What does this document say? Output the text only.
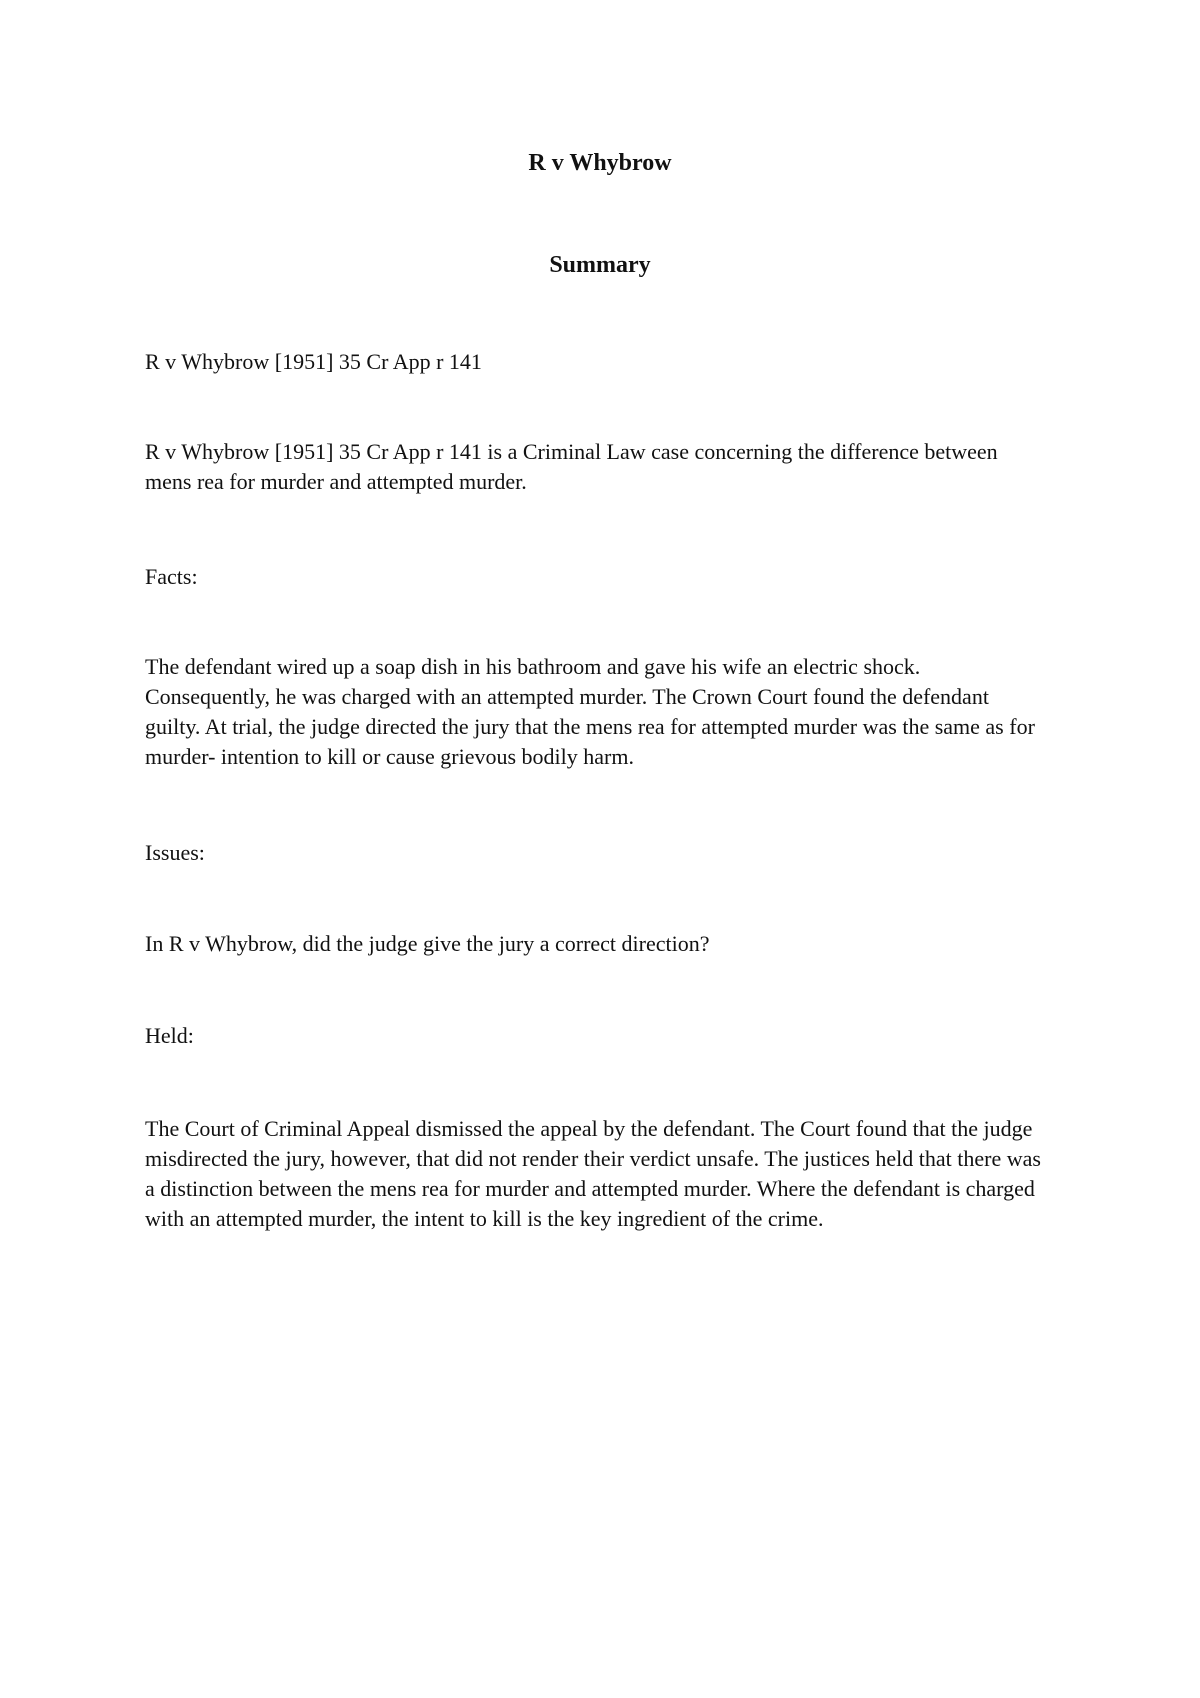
R v Whybrow
Summary

R v Whybrow [1951] 35 Cr App r 141

R v Whybrow [1951] 35 Cr App r 141 is a Criminal Law case concerning the difference between mens rea for murder and attempted murder.

Facts:

The defendant wired up a soap dish in his bathroom and gave his wife an electric shock. Consequently, he was charged with an attempted murder. The Crown Court found the defendant guilty. At trial, the judge directed the jury that the mens rea for attempted murder was the same as for murder- intention to kill or cause grievous bodily harm.

Issues:

In R v Whybrow, did the judge give the jury a correct direction?

Held:

The Court of Criminal Appeal dismissed the appeal by the defendant. The Court found that the judge misdirected the jury, however, that did not render their verdict unsafe. The justices held that there was a distinction between the mens rea for murder and attempted murder. Where the defendant is charged with an attempted murder, the intent to kill is the key ingredient of the crime.
